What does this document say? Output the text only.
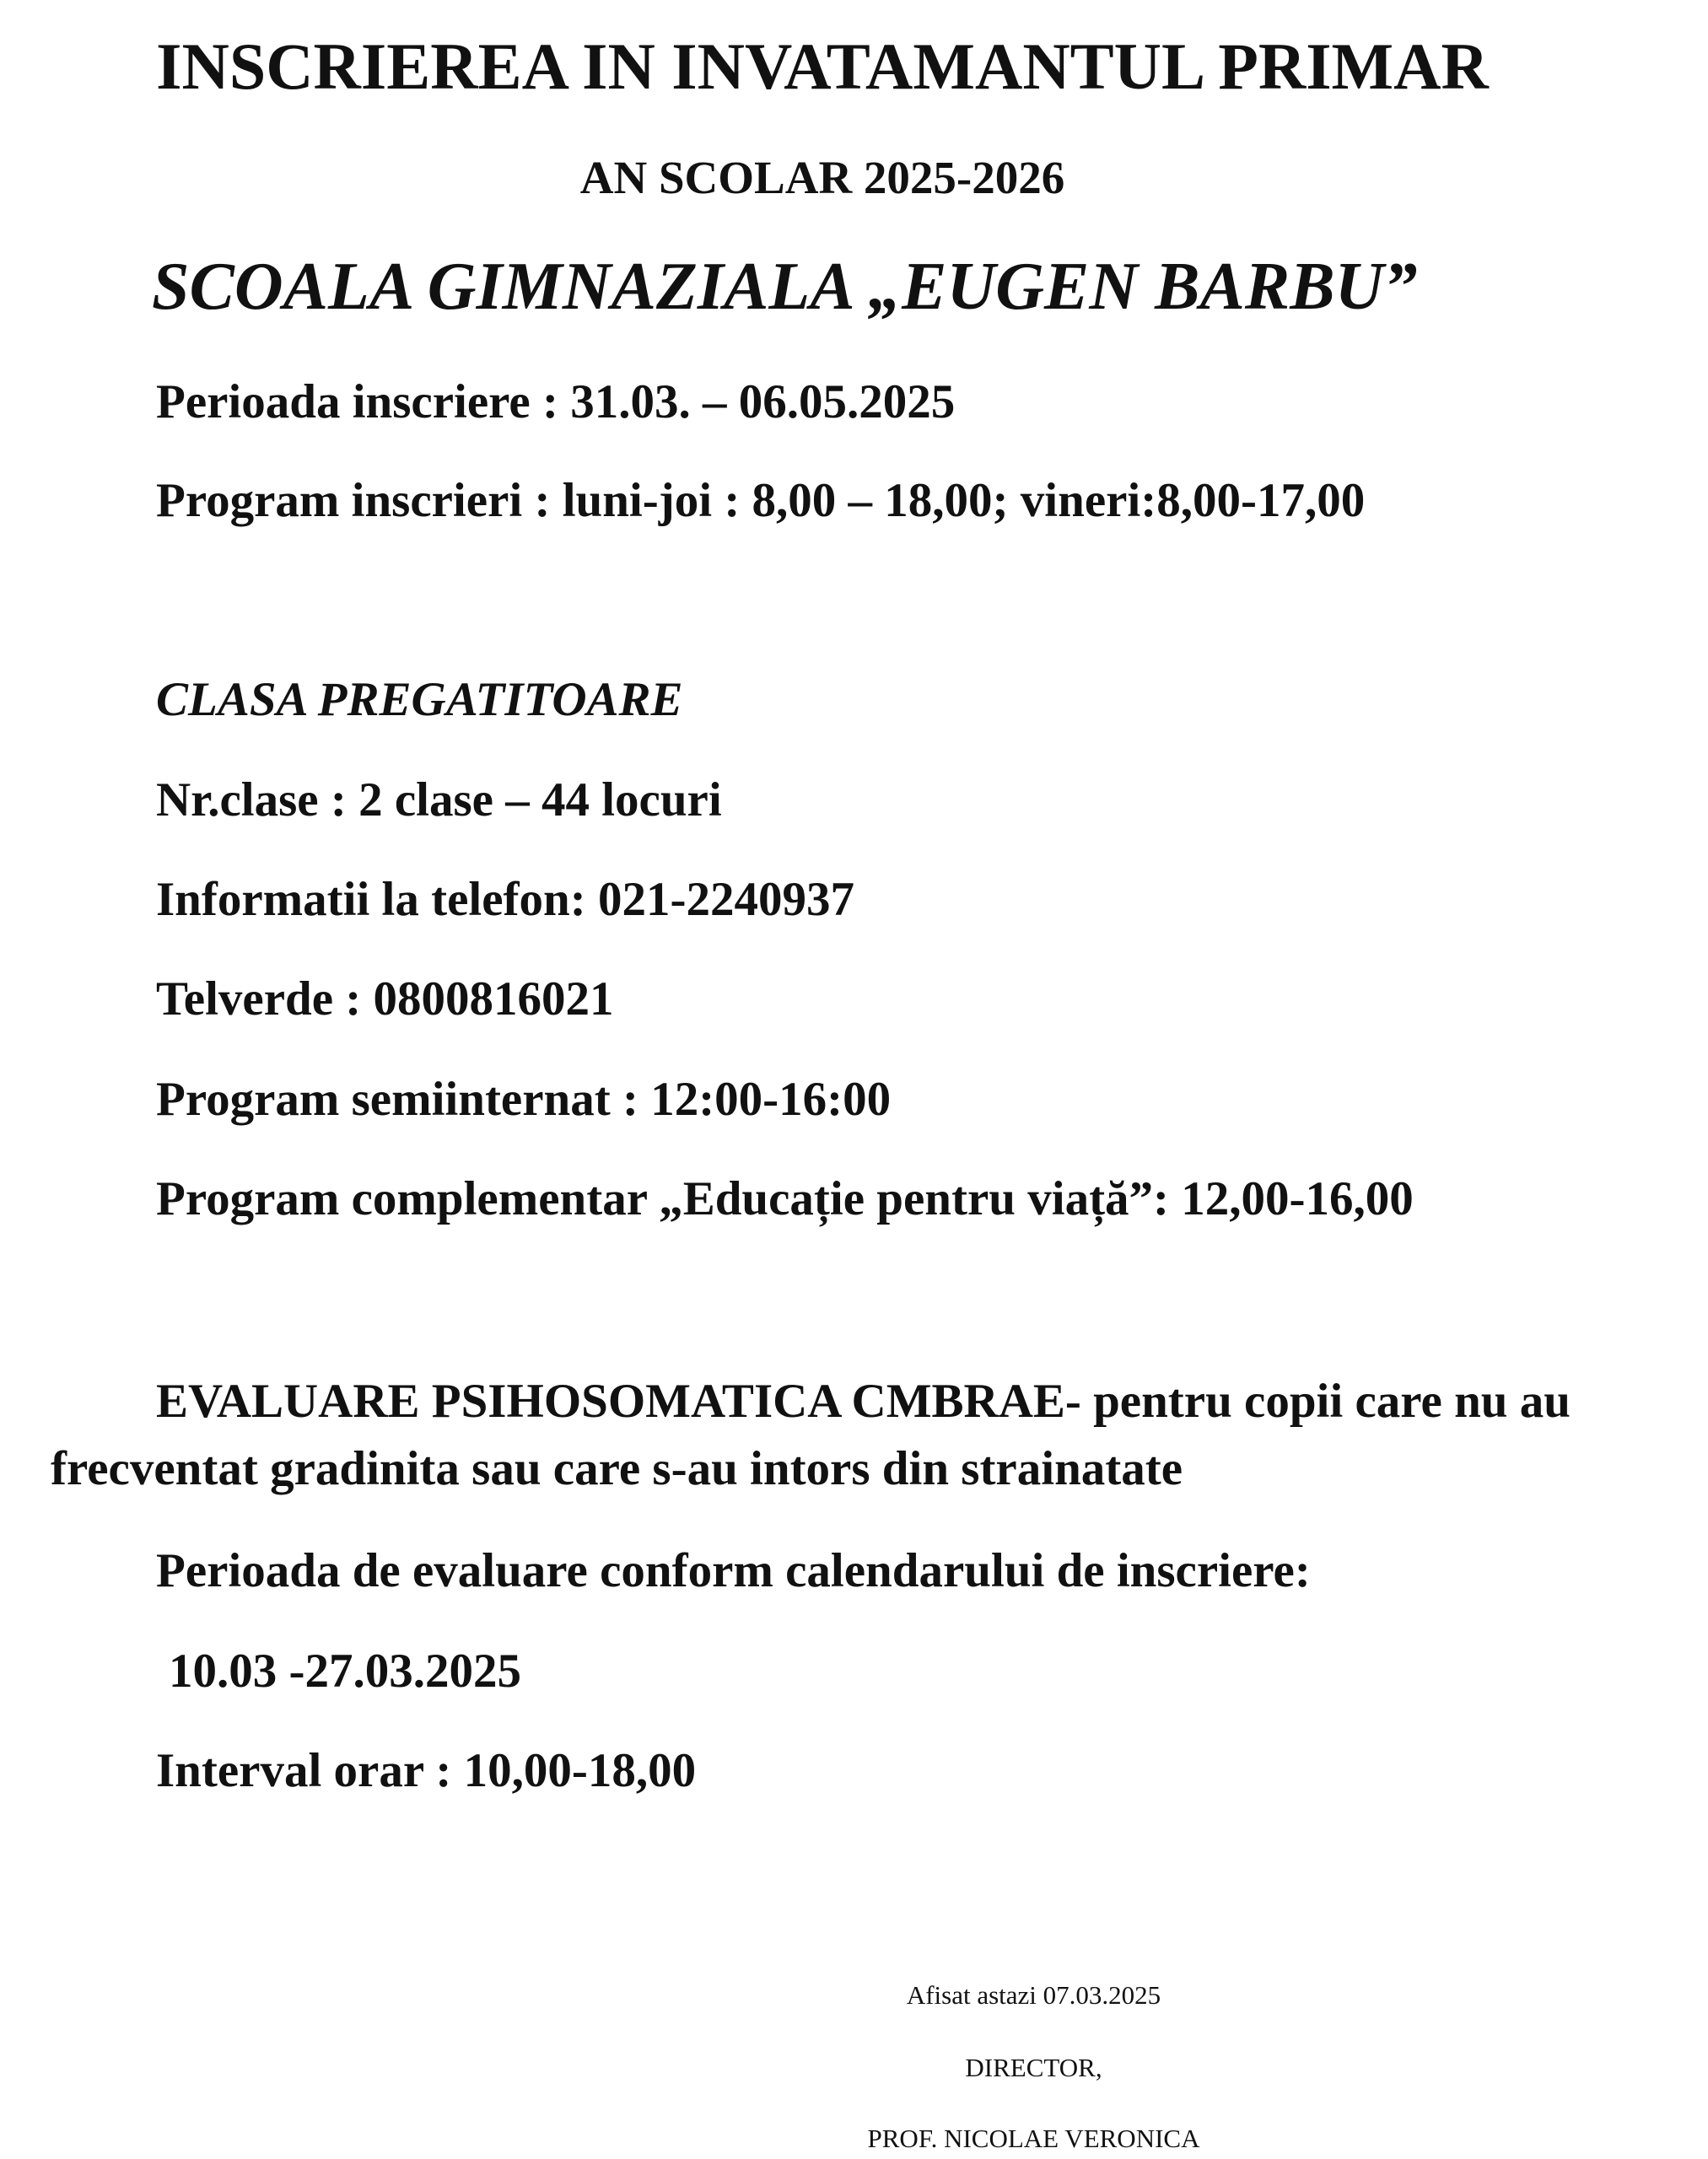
INSCRIEREA IN INVATAMANTUL PRIMAR
AN SCOLAR 2025-2026
SCOALA GIMNAZIALA „EUGEN BARBU”
Perioada inscriere : 31.03. – 06.05.2025
Program inscrieri : luni-joi : 8,00 – 18,00; vineri:8,00-17,00
CLASA PREGATITOARE
Nr.clase : 2 clase – 44 locuri
Informatii la telefon: 021-2240937
Telverde : 0800816021
Program semiinternat : 12:00-16:00
Program complementar „Educație pentru viață”: 12,00-16,00
EVALUARE PSIHOSOMATICA CMBRAE- pentru copii care nu au frecventat gradinita sau care s-au intors din strainatate
Perioada de evaluare conform calendarului de inscriere:
10.03 -27.03.2025
Interval orar : 10,00-18,00
Afisat astazi 07.03.2025
DIRECTOR,
PROF. NICOLAE VERONICA
